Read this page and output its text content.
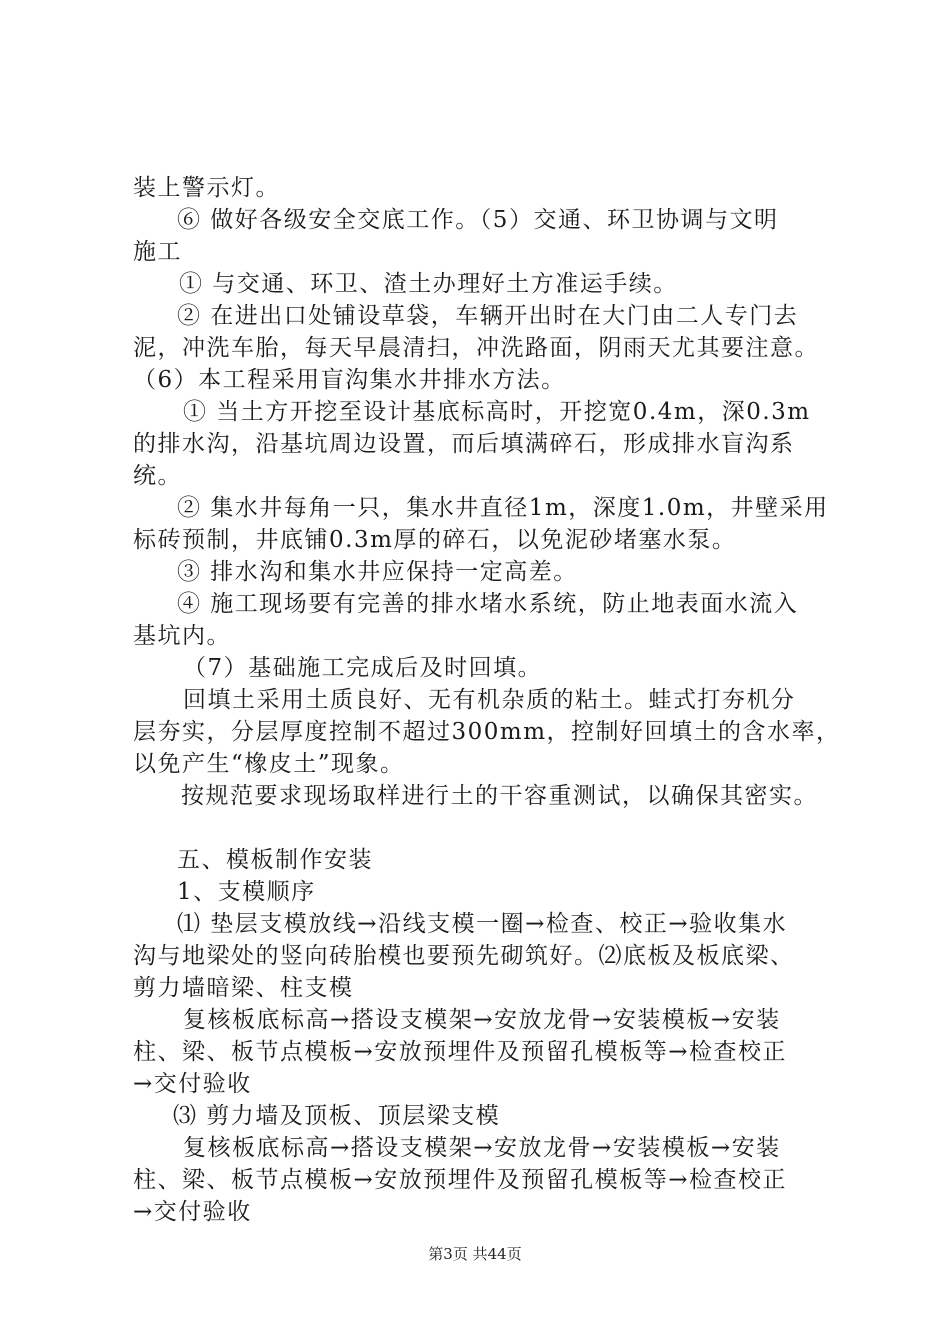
装上警示灯。
⑥ 做好各级安全交底工作。（5）交通、环卫协调与文明
施工
① 与交通、环卫、渣土办理好土方准运手续。
② 在进出口处铺设草袋，车辆开出时在大门由二人专门去
泥，冲洗车胎，每天早晨清扫，冲洗路面，阴雨天尤其要注意。
（6）本工程采用盲沟集水井排水方法。
① 当土方开挖至设计基底标高时，开挖宽0.4m，深0.3m
的排水沟，沿基坑周边设置，而后填满碎石，形成排水盲沟系
统。
② 集水井每角一只，集水井直径1m，深度1.0m，井壁采用
标砖预制，井底铺0.3m厚的碎石，以免泥砂堵塞水泵。
③ 排水沟和集水井应保持一定高差。
④ 施工现场要有完善的排水堵水系统，防止地表面水流入
基坑内。
（7）基础施工完成后及时回填。
回填土采用土质良好、无有机杂质的粘土。蛙式打夯机分
层夯实，分层厚度控制不超过300mm，控制好回填土的含水率，
以免产生“橡皮土”现象。
按规范要求现场取样进行土的干容重测试，以确保其密实。
五、模板制作安装
1、支模顺序
⑴ 垫层支模放线→沿线支模一圈→检查、校正→验收集水
沟与地梁处的竖向砖胎模也要预先砌筑好。⑵底板及板底梁、
剪力墙暗梁、柱支模
复核板底标高→搭设支模架→安放龙骨→安装模板→安装
柱、梁、板节点模板→安放预埋件及预留孔模板等→检查校正
→交付验收
⑶ 剪力墙及顶板、顶层梁支模
复核板底标高→搭设支模架→安放龙骨→安装模板→安装
柱、梁、板节点模板→安放预埋件及预留孔模板等→检查校正
→交付验收
第3页 共44页
